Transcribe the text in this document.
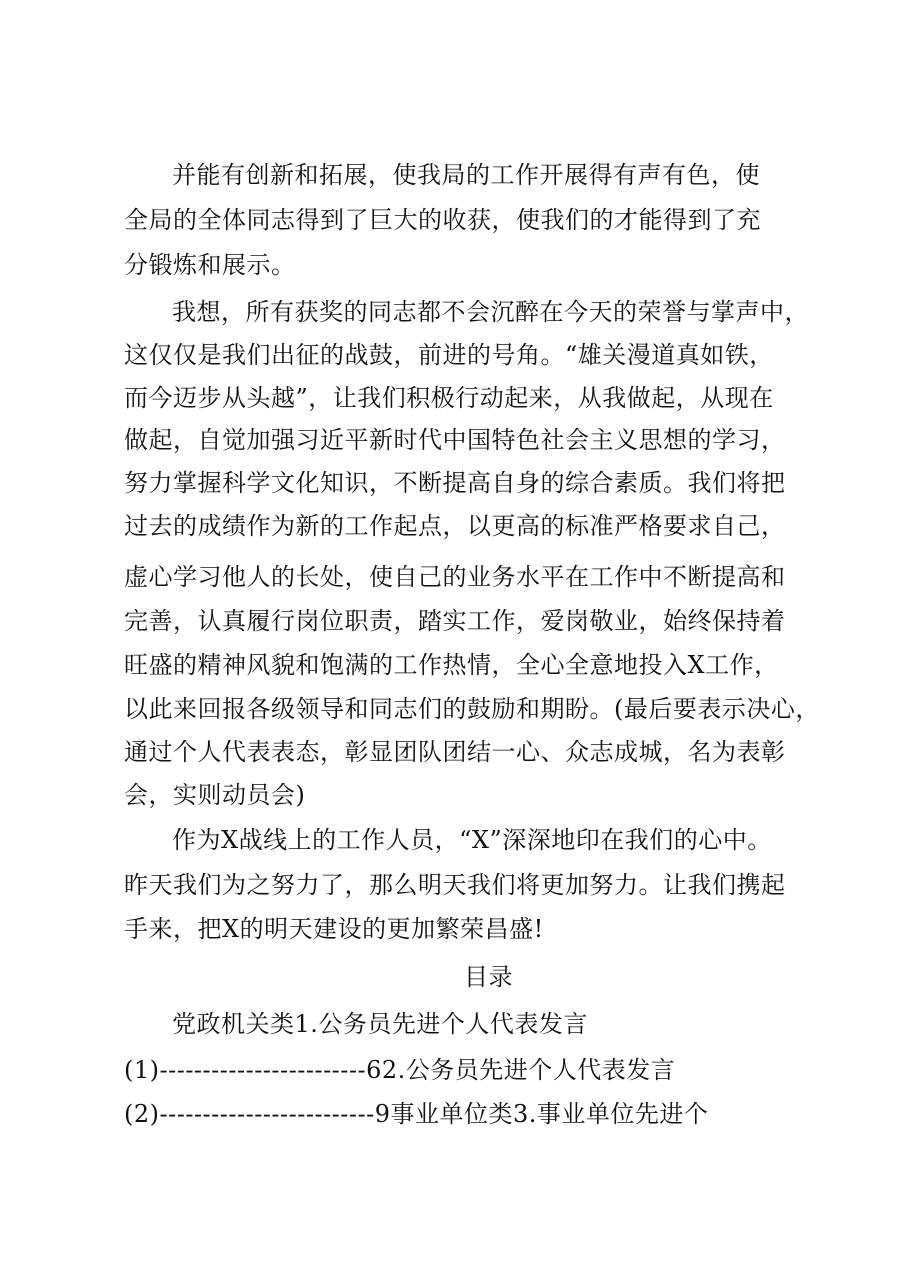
并能有创新和拓展，使我局的工作开展得有声有色，使
全局的全体同志得到了巨大的收获，使我们的才能得到了充
分锻炼和展示。
我想，所有获奖的同志都不会沉醉在今天的荣誉与掌声中，
这仅仅是我们出征的战鼓，前进的号角。“雄关漫道真如铁，
而今迈步从头越”，让我们积极行动起来，从我做起，从现在
做起，自觉加强习近平新时代中国特色社会主义思想的学习，
努力掌握科学文化知识，不断提高自身的综合素质。我们将把
过去的成绩作为新的工作起点，以更高的标准严格要求自己，
虚心学习他人的长处，使自己的业务水平在工作中不断提高和
完善，认真履行岗位职责，踏实工作，爱岗敬业，始终保持着
旺盛的精神风貌和饱满的工作热情，全心全意地投入X工作，
以此来回报各级领导和同志们的鼓励和期盼。(最后要表示决心，
通过个人代表表态，彰显团队团结一心、众志成城，名为表彰
会，实则动员会)
作为X战线上的工作人员，“X”深深地印在我们的心中。
昨天我们为之努力了，那么明天我们将更加努力。让我们携起
手来，把X的明天建设的更加繁荣昌盛!
目录
党政机关类1.公务员先进个人代表发言
(1)------------------------62.公务员先进个人代表发言
(2)-------------------------9事业单位类3.事业单位先进个
